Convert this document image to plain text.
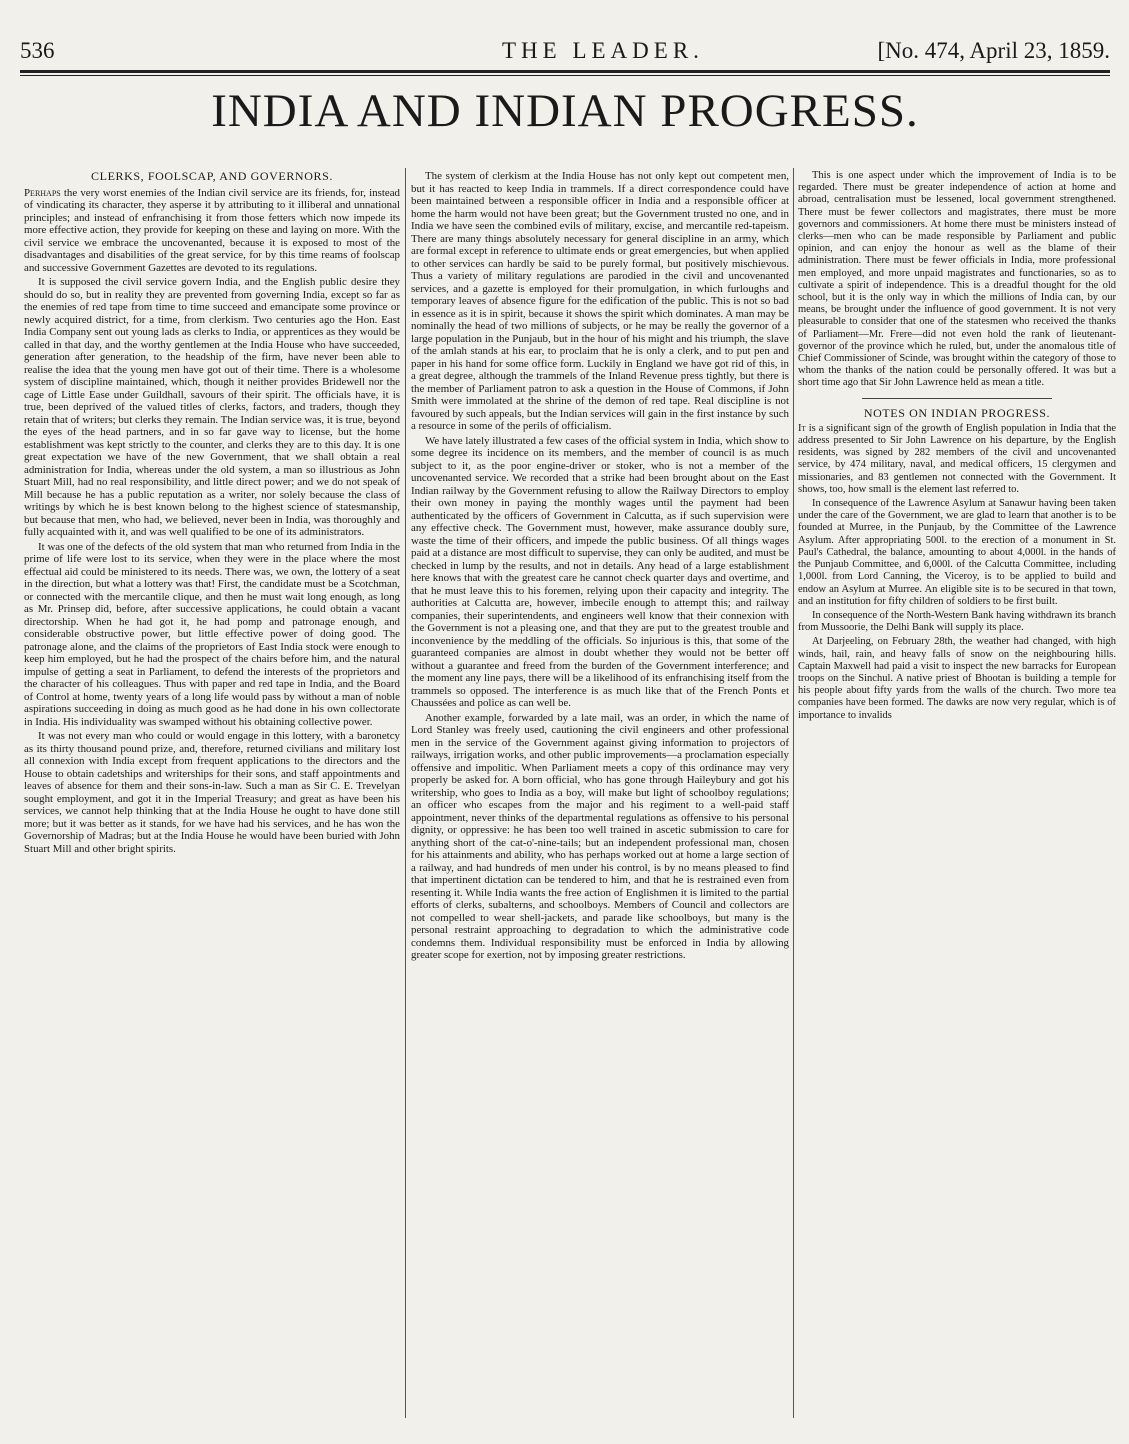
536	THE LEADER.	[No. 474, April 23, 1859.
INDIA AND INDIAN PROGRESS.
CLERKS, FOOLSCAP, AND GOVERNORS.

Perhaps the very worst enemies of the Indian civil service are its friends, for, instead of vindicating its character, they asperse it by attributing to it illiberal and unnational principles; and instead of enfranchising it from those fetters which now impede its more effective action, they provide for keeping on these and laying on more. With the civil service we embrace the uncovenanted, because it is exposed to most of the disadvantages and disabilities of the great service, for by this time reams of foolscap and successive Government Gazettes are devoted to its regulations.

It is supposed the civil service govern India, and the English public desire they should do so, but in reality they are prevented from governing India, except so far as the enemies of red tape from time to time succeed and emancipate some province or newly acquired district, for a time, from clerkism. Two centuries ago the Hon. East India Company sent out young lads as clerks to India, or apprentices as they would be called in that day, and the worthy gentlemen at the India House who have succeeded, generation after generation, to the headship of the firm, have never been able to realise the idea that the young men have got out of their time. There is a wholesome system of discipline maintained, which, though it neither provides Bridewell nor the cage of Little Ease under Guildhall, savours of their spirit. The officials have, it is true, been deprived of the valued titles of clerks, factors, and traders, though they retain that of writers; but clerks they remain. The Indian service was, it is true, beyond the eyes of the head partners, and in so far gave way to license, but the home establishment was kept strictly to the counter, and clerks they are to this day. It is one great expectation we have of the new Government, that we shall obtain a real administration for India, whereas under the old system, a man so illustrious as John Stuart Mill, had no real responsibility, and little direct power; and we do not speak of Mill because he has a public reputation as a writer, nor solely because the class of writings by which he is best known belong to the highest science of statesmanship, but because that men, who had, we believed, never been in India, was thoroughly and fully acquainted with it, and was well qualified to be one of its administrators.

It was one of the defects of the old system that man who returned from India in the prime of life were lost to its service, when they were in the place where the most effectual aid could be ministered to its needs. There was, we own, the lottery of a seat in the direction, but what a lottery was that! First, the candidate must be a Scotchman, or connected with the mercantile clique, and then he must wait long enough, as long as Mr. Prinsep did, before, after successive applications, he could obtain a vacant directorship. When he had got it, he had pomp and patronage enough, and considerable obstructive power, but little effective power of doing good. The patronage alone, and the claims of the proprietors of East India stock were enough to keep him employed, but he had the prospect of the chairs before him, and the natural impulse of getting a seat in Parliament, to defend the interests of the proprietors and the character of his colleagues. Thus with paper and red tape in India, and the Board of Control at home, twenty years of a long life would pass by without a man of noble aspirations succeeding in doing as much good as he had done in his own collectorate in India. His individuality was swamped without his obtaining collective power.

It was not every man who could or would engage in this lottery, with a baronetcy as its thirty thousand pound prize, and, therefore, returned civilians and military lost all connexion with India except from frequent applications to the directors and the House to obtain cadetships and writerships for their sons, and staff appointments and leaves of absence for them and their sons-in-law. Such a man as Sir C. E. Trevelyan sought employment, and got it in the Imperial Treasury; and great as have been his services, we cannot help thinking that at the India House he ought to have done still more; but it was better as it stands, for we have had his services, and he has won the Governorship of Madras; but at the India House he would have been buried with John Stuart Mill and other bright spirits.

The system of clerkism at the India House has not only kept out competent men, but it has reacted to keep India in trammels. If a direct correspondence could have been maintained between a responsible officer in India and a responsible officer at home the harm would not have been great; but the Government trusted no one, and in India we have seen the combined evils of military, excise, and mercantile red-tapeism. There are many things absolutely necessary for general discipline in an army, which are formal except in reference to ultimate ends or great emergencies, but when applied to other services can hardly be said to be purely formal, but positively mischievous. Thus a variety of military regulations are parodied in the civil and uncovenanted services, and a gazette is employed for their promulgation, in which furloughs and temporary leaves of absence figure for the edification of the public. This is not so bad in essence as it is in spirit, because it shows the spirit which dominates. A man may be nominally the head of two millions of subjects, or he may be really the governor of a large population in the Punjaub, but in the hour of his might and his triumph, the slave of the amlah stands at his ear, to proclaim that he is only a clerk, and to put pen and paper in his hand for some office form. Luckily in England we have got rid of this, in a great degree, although the trammels of the Inland Revenue press tightly, but there is the member of Parliament patron to ask a question in the House of Commons, if John Smith were immolated at the shrine of the demon of red tape. Real discipline is not favoured by such appeals, but the Indian services will gain in the first instance by such a resource in some of the perils of officialism.

We have lately illustrated a few cases of the official system in India, which show to some degree its incidence on its members, and the member of council is as much subject to it, as the poor engine-driver or stoker, who is not a member of the uncovenanted service. We recorded that a strike had been brought about on the East Indian railway by the Government refusing to allow the Railway Directors to employ their own money in paying the monthly wages until the payment had been authenticated by the officers of Government in Calcutta, as if such supervision were any effective check. The Government must, however, make assurance doubly sure, waste the time of their officers, and impede the public business. Of all things wages paid at a distance are most difficult to supervise, they can only be audited, and must be checked in lump by the results, and not in details. Any head of a large establishment here knows that with the greatest care he cannot check quarter days and overtime, and that he must leave this to his foremen, relying upon their capacity and integrity. The authorities at Calcutta are, however, imbecile enough to attempt this; and railway companies, their superintendents, and engineers well know that their connexion with the Government is not a pleasing one, and that they are put to the greatest trouble and inconvenience by the meddling of the officials. So injurious is this, that some of the guaranteed companies are almost in doubt whether they would not be better off without a guarantee and freed from the burden of the Government interference; and the moment any line pays, there will be a likelihood of its enfranchising itself from the trammels so opposed. The interference is as much like that of the French Ponts et Chaussées and police as can well be.

Another example, forwarded by a late mail, was an order, in which the name of Lord Stanley was freely used, cautioning the civil engineers and other professional men in the service of the Government against giving information to projectors of railways, irrigation works, and other public improvements—a proclamation especially offensive and impolitic. When Parliament meets a copy of this ordinance may very properly be asked for. A born official, who has gone through Haileybury and got his writership, who goes to India as a boy, will make but light of schoolboy regulations; an officer who escapes from the major and his regiment to a well-paid staff appointment, never thinks of the departmental regulations as offensive to his personal dignity, or oppressive: he has been too well trained in ascetic submission to care for anything short of the cat-o'-nine-tails; but an independent professional man, chosen for his attainments and ability, who has perhaps worked out at home a large section of a railway, and had hundreds of men under his control, is by no means pleased to find that impertinent dictation can be tendered to him, and that he is restrained even from resenting it. While India wants the free action of Englishmen it is limited to the partial efforts of clerks, subalterns, and schoolboys. Members of Council and collectors are not compelled to wear shell-jackets, and parade like schoolboys, but many is the personal restraint approaching to degradation to which the administrative code condemns them. Individual responsibility must be enforced in India by allowing greater scope for exertion, not by imposing greater restrictions.

This is one aspect under which the improvement of India is to be regarded. There must be greater independence of action at home and abroad, centralisation must be lessened, local government strengthened. There must be fewer collectors and magistrates, there must be more governors and commissioners. At home there must be ministers instead of clerks—men who can be made responsible by Parliament and public opinion, and can enjoy the honour as well as the blame of their administration. There must be fewer officials in India, more professional men employed, and more unpaid magistrates and functionaries, so as to cultivate a spirit of independence. This is a dreadful thought for the old school, but it is the only way in which the millions of India can, by our means, be brought under the influence of good government. It is not very pleasurable to consider that one of the statesmen who received the thanks of Parliament—Mr. Frere—did not even hold the rank of lieutenant-governor of the province which he ruled, but, under the anomalous title of Chief Commissioner of Scinde, was brought within the category of those to whom the thanks of the nation could be personally offered. It was but a short time ago that Sir John Lawrence held as mean a title.

NOTES ON INDIAN PROGRESS.

It is a significant sign of the growth of English population in India that the address presented to Sir John Lawrence on his departure, by the English residents, was signed by 282 members of the civil and uncovenanted service, by 474 military, naval, and medical officers, 15 clergymen and missionaries, and 83 gentlemen not connected with the Government. It shows, too, how small is the element last referred to.

In consequence of the Lawrence Asylum at Sanawur having been taken under the care of the Government, we are glad to learn that another is to be founded at Murree, in the Punjaub, by the Committee of the Lawrence Asylum. After appropriating 500l. to the erection of a monument in St. Paul's Cathedral, the balance, amounting to about 4,000l. in the hands of the Punjaub Committee, and 6,000l. of the Calcutta Committee, including 1,000l. from Lord Canning, the Viceroy, is to be applied to build and endow an Asylum at Murree. An eligible site is to be secured in that town, and an institution for fifty children of soldiers to be first built.

In consequence of the North-Western Bank having withdrawn its branch from Mussoorie, the Delhi Bank will supply its place.

At Darjeeling, on February 28th, the weather had changed, with high winds, hail, rain, and heavy falls of snow on the neighbouring hills. Captain Maxwell had paid a visit to inspect the new barracks for European troops on the Sinchul. A native priest of Bhootan is building a temple for his people about fifty yards from the walls of the church. Two more tea companies have been formed. The dawks are now very regular, which is of importance to invalids
